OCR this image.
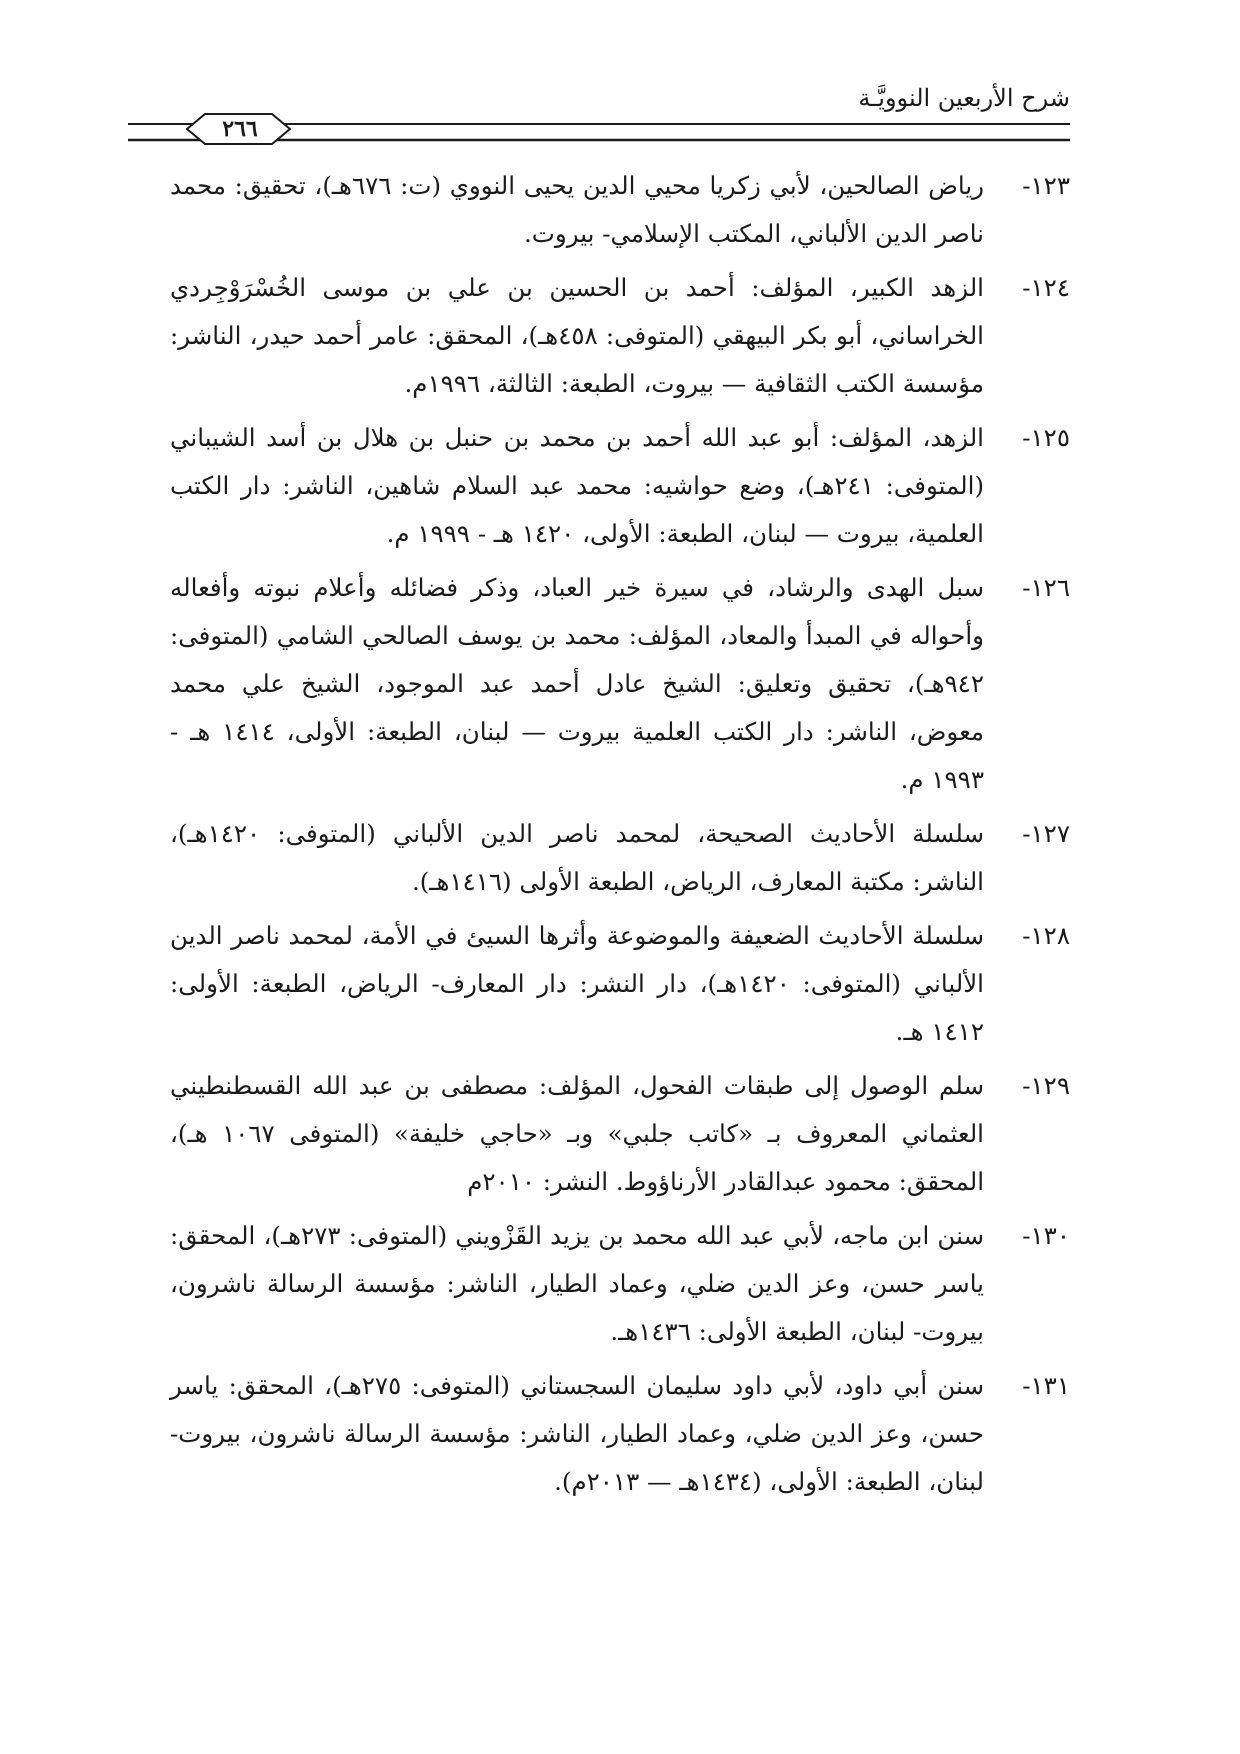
شرح الأربعين النوويَّـة
٢٦٦
١٢٣-
رياض الصالحين، لأبي زكريا محيي الدين يحيى النووي (ت: ٦٧٦هـ)، تحقيق: محمد ناصر الدين الألباني، المكتب الإسلامي- بيروت.
١٢٤-
الزهد الكبير، المؤلف: أحمد بن الحسين بن علي بن موسى الخُسْرَوْجِردي الخراساني، أبو بكر البيهقي (المتوفى: ٤٥٨هـ)، المحقق: عامر أحمد حيدر، الناشر: مؤسسة الكتب الثقافية — بيروت، الطبعة: الثالثة، ١٩٩٦م.
١٢٥-
الزهد، المؤلف: أبو عبد الله أحمد بن محمد بن حنبل بن هلال بن أسد الشيباني (المتوفى: ٢٤١هـ)، وضع حواشيه: محمد عبد السلام شاهين، الناشر: دار الكتب العلمية، بيروت — لبنان، الطبعة: الأولى، ١٤٢٠ هـ - ١٩٩٩ م.
١٢٦-
سبل الهدى والرشاد، في سيرة خير العباد، وذكر فضائله وأعلام نبوته وأفعاله وأحواله في المبدأ والمعاد، المؤلف: محمد بن يوسف الصالحي الشامي (المتوفى: ٩٤٢هـ)، تحقيق وتعليق: الشيخ عادل أحمد عبد الموجود، الشيخ علي محمد معوض، الناشر: دار الكتب العلمية بيروت — لبنان، الطبعة: الأولى، ١٤١٤ هـ - ١٩٩٣ م.
١٢٧-
سلسلة الأحاديث الصحيحة، لمحمد ناصر الدين الألباني (المتوفى: ١٤٢٠هـ)، الناشر: مكتبة المعارف، الرياض، الطبعة الأولى (١٤١٦هـ).
١٢٨-
سلسلة الأحاديث الضعيفة والموضوعة وأثرها السيئ في الأمة، لمحمد ناصر الدين الألباني (المتوفى: ١٤٢٠هـ)، دار النشر: دار المعارف- الرياض، الطبعة: الأولى: ١٤١٢ هـ.
١٢٩-
سلم الوصول إلى طبقات الفحول، المؤلف: مصطفى بن عبد الله القسطنطيني العثماني المعروف بـ «كاتب جلبي» وبـ «حاجي خليفة» (المتوفى ١٠٦٧ هـ)، المحقق: محمود عبدالقادر الأرناؤوط. النشر: ٢٠١٠م
١٣٠-
سنن ابن ماجه، لأبي عبد الله محمد بن يزيد القَزْويني (المتوفى: ٢٧٣هـ)، المحقق: ياسر حسن، وعز الدين ضلي، وعماد الطيار، الناشر: مؤسسة الرسالة ناشرون، بيروت- لبنان، الطبعة الأولى: ١٤٣٦هـ.
١٣١-
سنن أبي داود، لأبي داود سليمان السجستاني (المتوفى: ٢٧٥هـ)، المحقق: ياسر حسن، وعز الدين ضلي، وعماد الطيار، الناشر: مؤسسة الرسالة ناشرون، بيروت- لبنان، الطبعة: الأولى، (١٤٣٤هـ — ٢٠١٣م).
